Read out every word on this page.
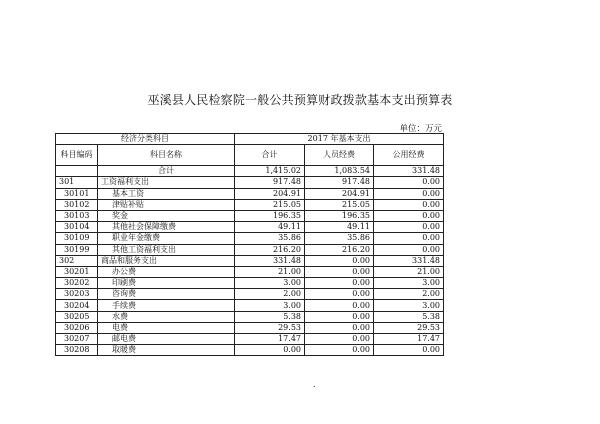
巫溪县人民检察院一般公共预算财政拨款基本支出预算表
单位：万元
经济分类科目		2017 年基本支出		
科目编码	科目名称	合计	人员经费	公用经费
	合计	1,415.02	1,083.54	331.48
301	工资福利支出	917.48	917.48	0.00
30101	基本工资	204.91	204.91	0.00
30102	津贴补贴	215.05	215.05	0.00
30103	奖金	196.35	196.35	0.00
30104	其他社会保障缴费	49.11	49.11	0.00
30109	职业年金缴费	35.86	35.86	0.00
30199	其他工资福利支出	216.20	216.20	0.00
302	商品和服务支出	331.48	0.00	331.48
30201	办公费	21.00	0.00	21.00
30202	印刷费	3.00	0.00	3.00
30203	咨询费	2.00	0.00	2.00
30204	手续费	3.00	0.00	3.00
30205	水费	5.38	0.00	5.38
30206	电费	29.53	0.00	29.53
30207	邮电费	17.47	0.00	17.47
30208	取暖费	0.00	0.00	0.00
.
